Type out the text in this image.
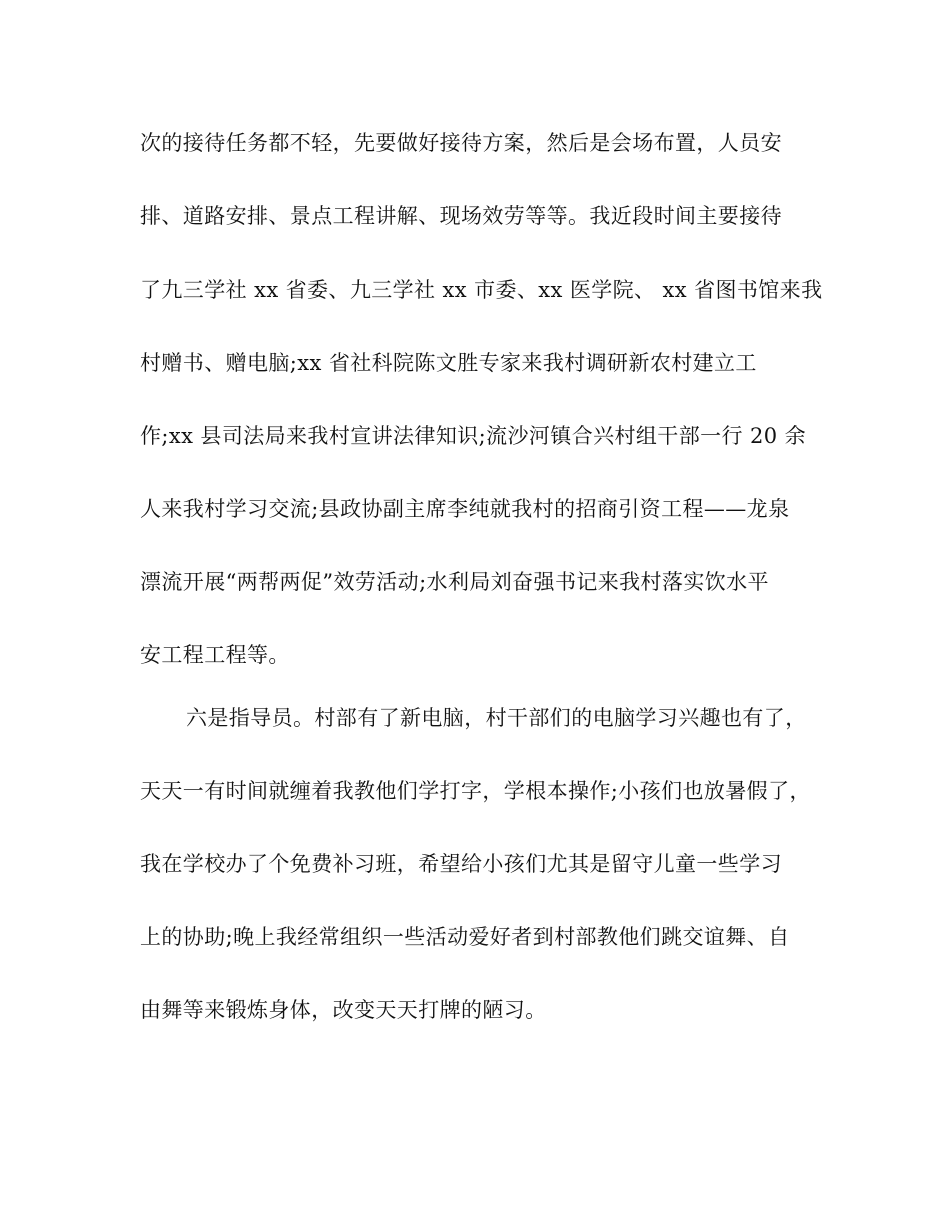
次的接待任务都不轻，先要做好接待方案，然后是会场布置，人员安
排、道路安排、景点工程讲解、现场效劳等等。我近段时间主要接待
了九三学社 xx 省委、九三学社 xx 市委、xx 医学院、 xx 省图书馆来我
村赠书、赠电脑;xx 省社科院陈文胜专家来我村调研新农村建立工
作;xx 县司法局来我村宣讲法律知识;流沙河镇合兴村组干部一行 20 余
人来我村学习交流;县政协副主席李纯就我村的招商引资工程——龙泉
漂流开展“两帮两促”效劳活动;水利局刘奋强书记来我村落实饮水平
安工程工程等。
六是指导员。村部有了新电脑，村干部们的电脑学习兴趣也有了，
天天一有时间就缠着我教他们学打字，学根本操作;小孩们也放暑假了，
我在学校办了个免费补习班，希望给小孩们尤其是留守儿童一些学习
上的协助;晚上我经常组织一些活动爱好者到村部教他们跳交谊舞、自
由舞等来锻炼身体，改变天天打牌的陋习。
